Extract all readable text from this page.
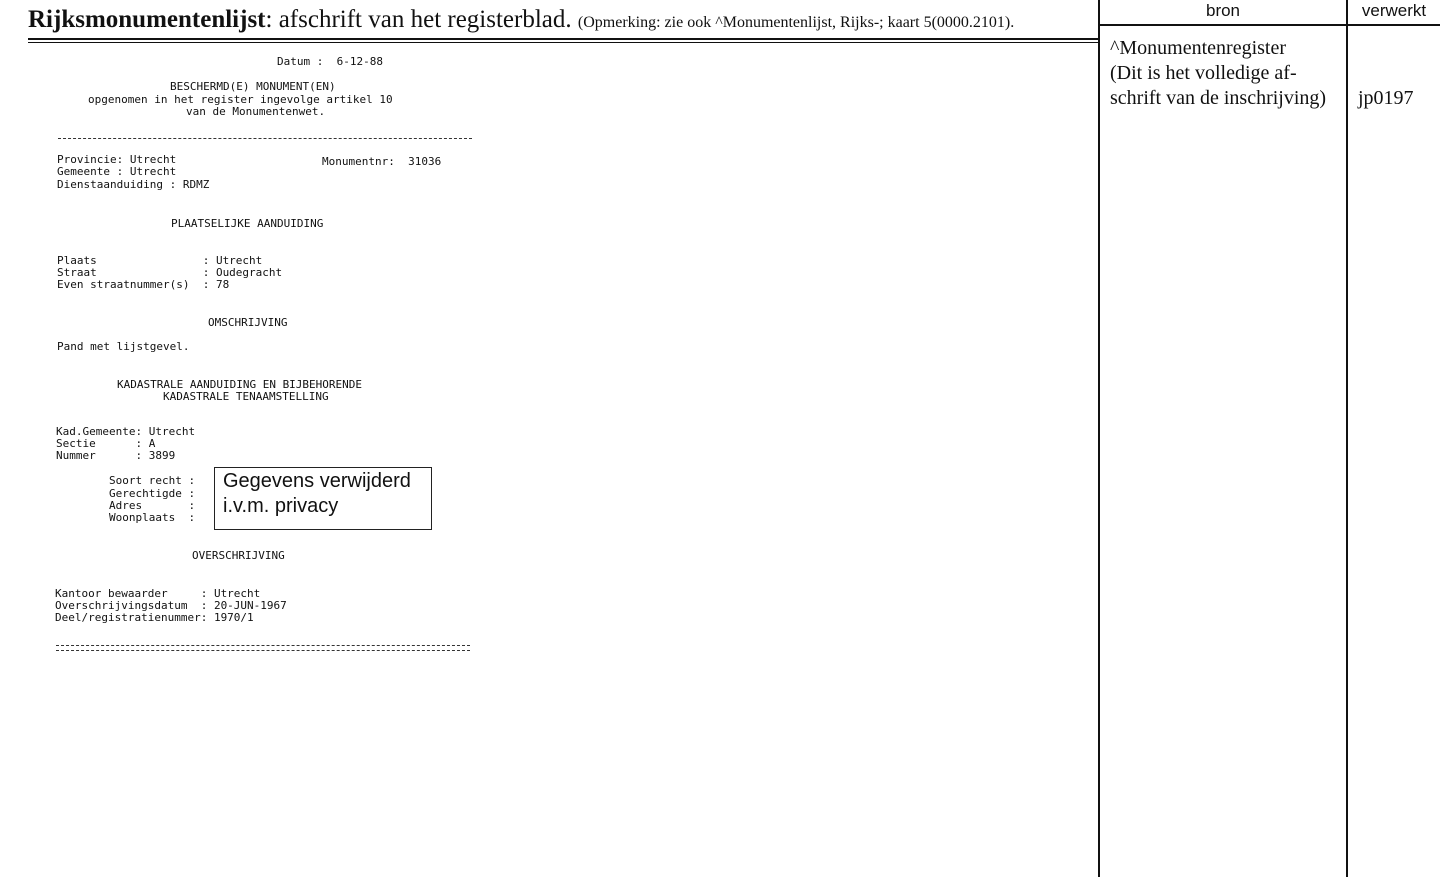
Rijksmonumentenlijst: afschrift van het registerblad. (Opmerking: zie ook ^Monumentenlijst, Rijks-; kaart 5(0000.2101).
bron	verwerkt
^Monumentenregister
(Dit is het volledige af-
schrift van de inschrijving)	jp0197
Datum :  6-12-88
BESCHERMD(E) MONUMENT(EN)
opgenomen in het register ingevolge artikel 10
van de Monumentenwet.
Provincie: Utrecht	Monumentnr:  31036
Gemeente : Utrecht
Dienstaanduiding : RDMZ
PLAATSELIJKE AANDUIDING
Plaats                : Utrecht
Straat                : Oudegracht
Even straatnummer(s)  : 78
OMSCHRIJVING
Pand met lijstgevel.
KADASTRALE AANDUIDING EN BIJBEHORENDE
KADASTRALE TENAAMSTELLING
Kad.Gemeente: Utrecht
Sectie      : A
Nummer      : 3899
Soort recht :
Gerechtigde :
Adres       :
Woonplaats  :
Gegevens verwijderd
i.v.m. privacy
OVERSCHRIJVING
Kantoor bewaarder     : Utrecht
Overschrijvingsdatum  : 20-JUN-1967
Deel/registratienummer: 1970/1
